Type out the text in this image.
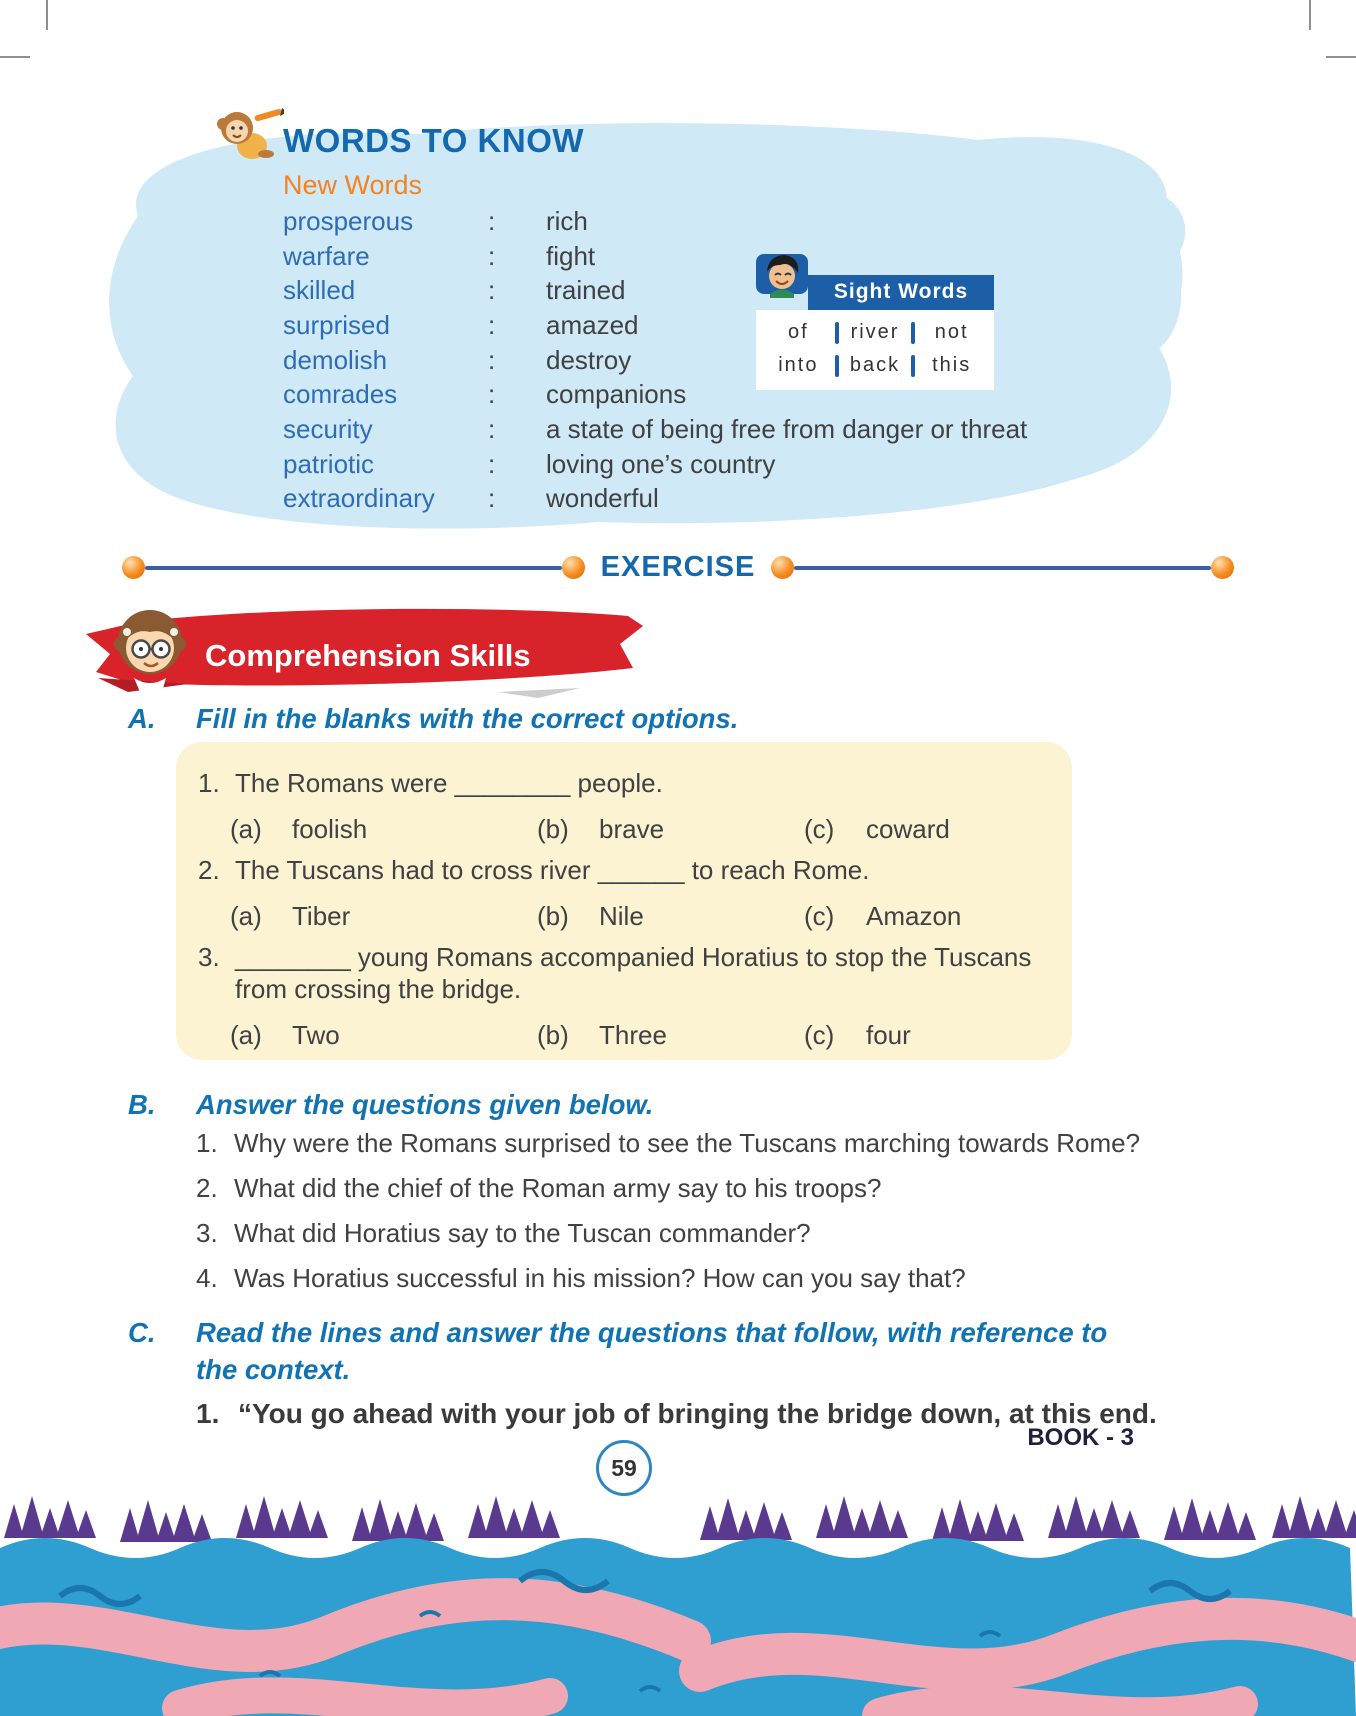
WORDS TO KNOW
New Words
prosperous	:	rich
warfare	:	fight
skilled	:	trained
surprised	:	amazed
demolish	:	destroy
comrades	:	companions
security	:	a state of being free from danger or threat
patriotic	:	loving one’s country
extraordinary	:	wonderful
Sight Words
of	river	not
into	back	this
EXERCISE
Comprehension Skills
A.	Fill in the blanks with the correct options.
1. The Romans were ________ people.
(a)	foolish	(b)	brave	(c)	coward
2. The Tuscans had to cross river ______ to reach Rome.
(a)	Tiber	(b)	Nile	(c)	Amazon
3. ________ young Romans accompanied Horatius to stop the Tuscans from crossing the bridge.
(a)	Two	(b)	Three	(c)	four
B.	Answer the questions given below.
1. Why were the Romans surprised to see the Tuscans marching towards Rome?
2. What did the chief of the Roman army say to his troops?
3. What did Horatius say to the Tuscan commander?
4. Was Horatius successful in his mission? How can you say that?
C.	Read the lines and answer the questions that follow, with reference to the context.
1. “You go ahead with your job of bringing the bridge down, at this end.
BOOK - 3
59
